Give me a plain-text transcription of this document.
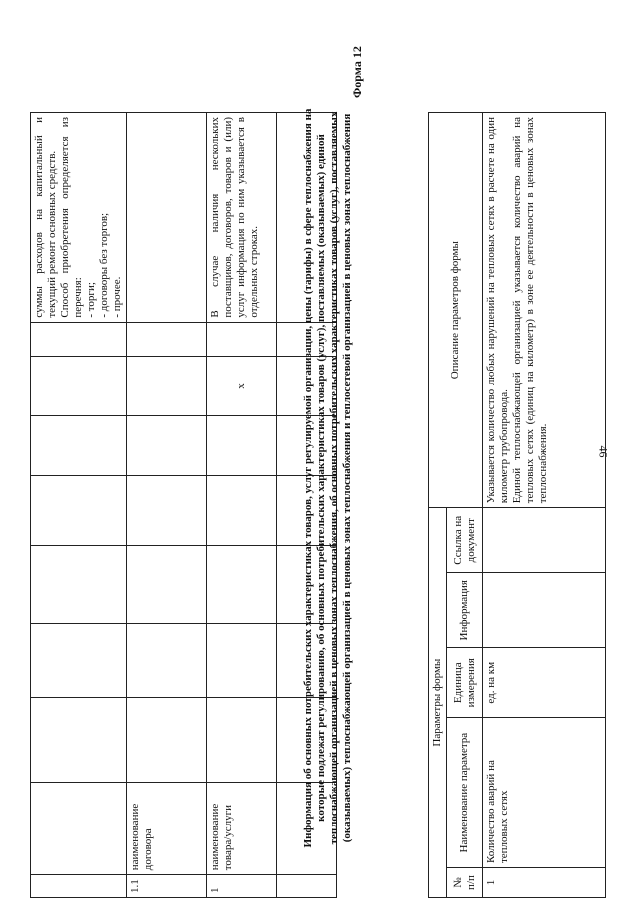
46

									суммы расходов на капитальный и текущий ремонт основных средств. Способ приобретения определяется из перечня: - торги; - договоры без торгов; - прочее.

1.1	наименование договора								
1	наименование товара/услуги						x		В случае наличия нескольких поставщиков, договоров, товаров и (или) услуг информация по ним указывается в отдельных строках.

Форма 12
Информация об основных потребительских характеристиках товаров, услуг регулируемой организации, цены (тарифы) в сфере теплоснабжения на которые подлежат регулированию, об основных потребительских характеристиках товаров (услуг), поставляемых (оказываемых) единой теплоснабжающей организацией в ценовых зонах теплоснабжения, об основных потребительских характеристиках товаров (услуг), поставляемых (оказываемых) теплоснабжающей организацией в ценовых зонах теплоснабжения и теплосетевой организацией в ценовых зонах теплоснабжения	Параметры формы					Описание параметров формы
№ п/п	Наименование параметра	Единица измерения	Информация	Ссылка на документ	
1	Количество аварий на тепловых сетях	ед. на км			Указывается количество любых нарушений на тепловых сетях в расчете на один километр трубопровода. Единой теплоснабжающей организацией указывается количество аварий на тепловых сетях (единиц на километр) в зоне ее деятельности в ценовых зонах теплоснабжения.
